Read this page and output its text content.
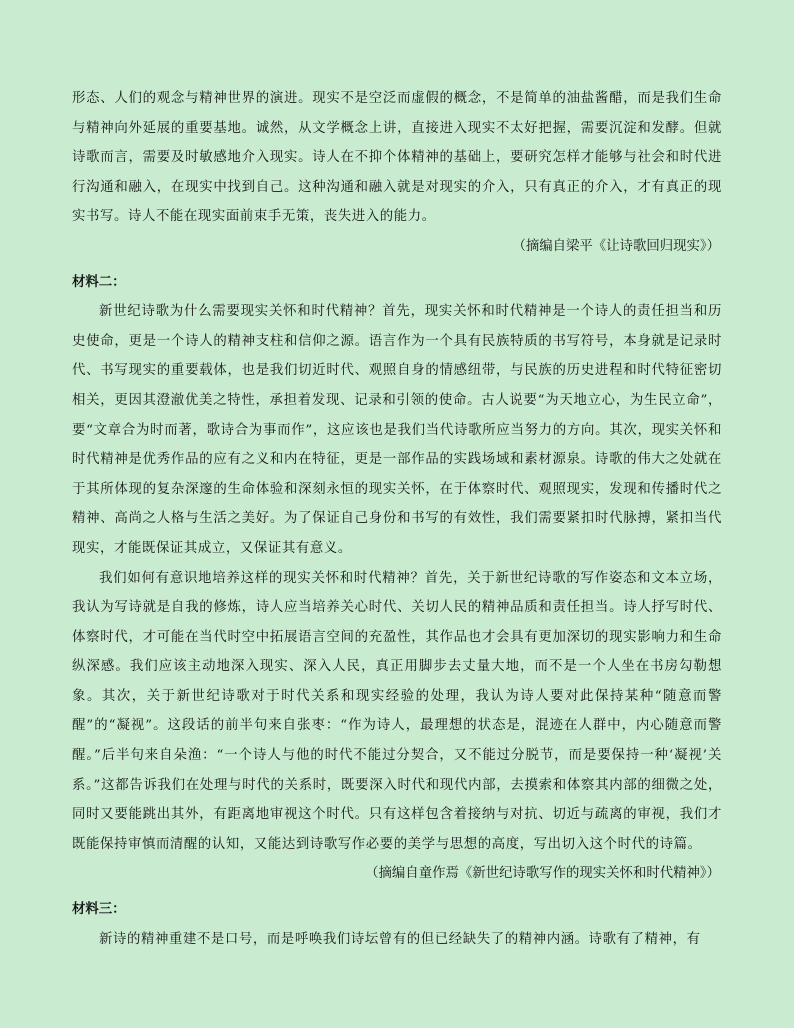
形态、人们的观念与精神世界的演进。现实不是空泛而虚假的概念，不是简单的油盐酱醋，而是我们生命与精神向外延展的重要基地。诚然，从文学概念上讲，直接进入现实不太好把握，需要沉淀和发酵。但就诗歌而言，需要及时敏感地介入现实。诗人在不抑个体精神的基础上，要研究怎样才能够与社会和时代进行沟通和融入，在现实中找到自己。这种沟通和融入就是对现实的介入，只有真正的介入，才有真正的现实书写。诗人不能在现实面前束手无策，丧失进入的能力。

（摘编自梁平《让诗歌回归现实》）

材料二：

新世纪诗歌为什么需要现实关怀和时代精神？首先，现实关怀和时代精神是一个诗人的责任担当和历史使命，更是一个诗人的精神支柱和信仰之源。语言作为一个具有民族特质的书写符号，本身就是记录时代、书写现实的重要载体，也是我们切近时代、观照自身的情感纽带，与民族的历史进程和时代特征密切相关，更因其澄澈优美之特性，承担着发现、记录和引领的使命。古人说要“为天地立心，为生民立命”，要“文章合为时而著，歌诗合为事而作”，这应该也是我们当代诗歌所应当努力的方向。其次，现实关怀和时代精神是优秀作品的应有之义和内在特征，更是一部作品的实践场域和素材源泉。诗歌的伟大之处就在于其所体现的复杂深邃的生命体验和深刻永恒的现实关怀，在于体察时代、观照现实，发现和传播时代之精神、高尚之人格与生活之美好。为了保证自己身份和书写的有效性，我们需要紧扣时代脉搏，紧扣当代现实，才能既保证其成立，又保证其有意义。

我们如何有意识地培养这样的现实关怀和时代精神？首先，关于新世纪诗歌的写作姿态和文本立场，我认为写诗就是自我的修炼，诗人应当培养关心时代、关切人民的精神品质和责任担当。诗人抒写时代、体察时代，才可能在当代时空中拓展语言空间的充盈性，其作品也才会具有更加深切的现实影响力和生命纵深感。我们应该主动地深入现实、深入人民，真正用脚步去丈量大地，而不是一个人坐在书房勾勒想象。其次，关于新世纪诗歌对于时代关系和现实经验的处理，我认为诗人要对此保持某种“随意而警醒”的“凝视”。这段话的前半句来自张枣：“作为诗人，最理想的状态是，混迹在人群中，内心随意而警醒。”后半句来自朵渔：“一个诗人与他的时代不能过分契合，又不能过分脱节，而是要保持一种‘凝视’关系。”这都告诉我们在处理与时代的关系时，既要深入时代和现代内部，去摸索和体察其内部的细微之处，同时又要能跳出其外，有距离地审视这个时代。只有这样包含着接纳与对抗、切近与疏离的审视，我们才既能保持审慎而清醒的认知，又能达到诗歌写作必要的美学与思想的高度，写出切入这个时代的诗篇。

（摘编自童作焉《新世纪诗歌写作的现实关怀和时代精神》）

材料三：

新诗的精神重建不是口号，而是呼唤我们诗坛曾有的但已经缺失了的精神内涵。诗歌有了精神，有
